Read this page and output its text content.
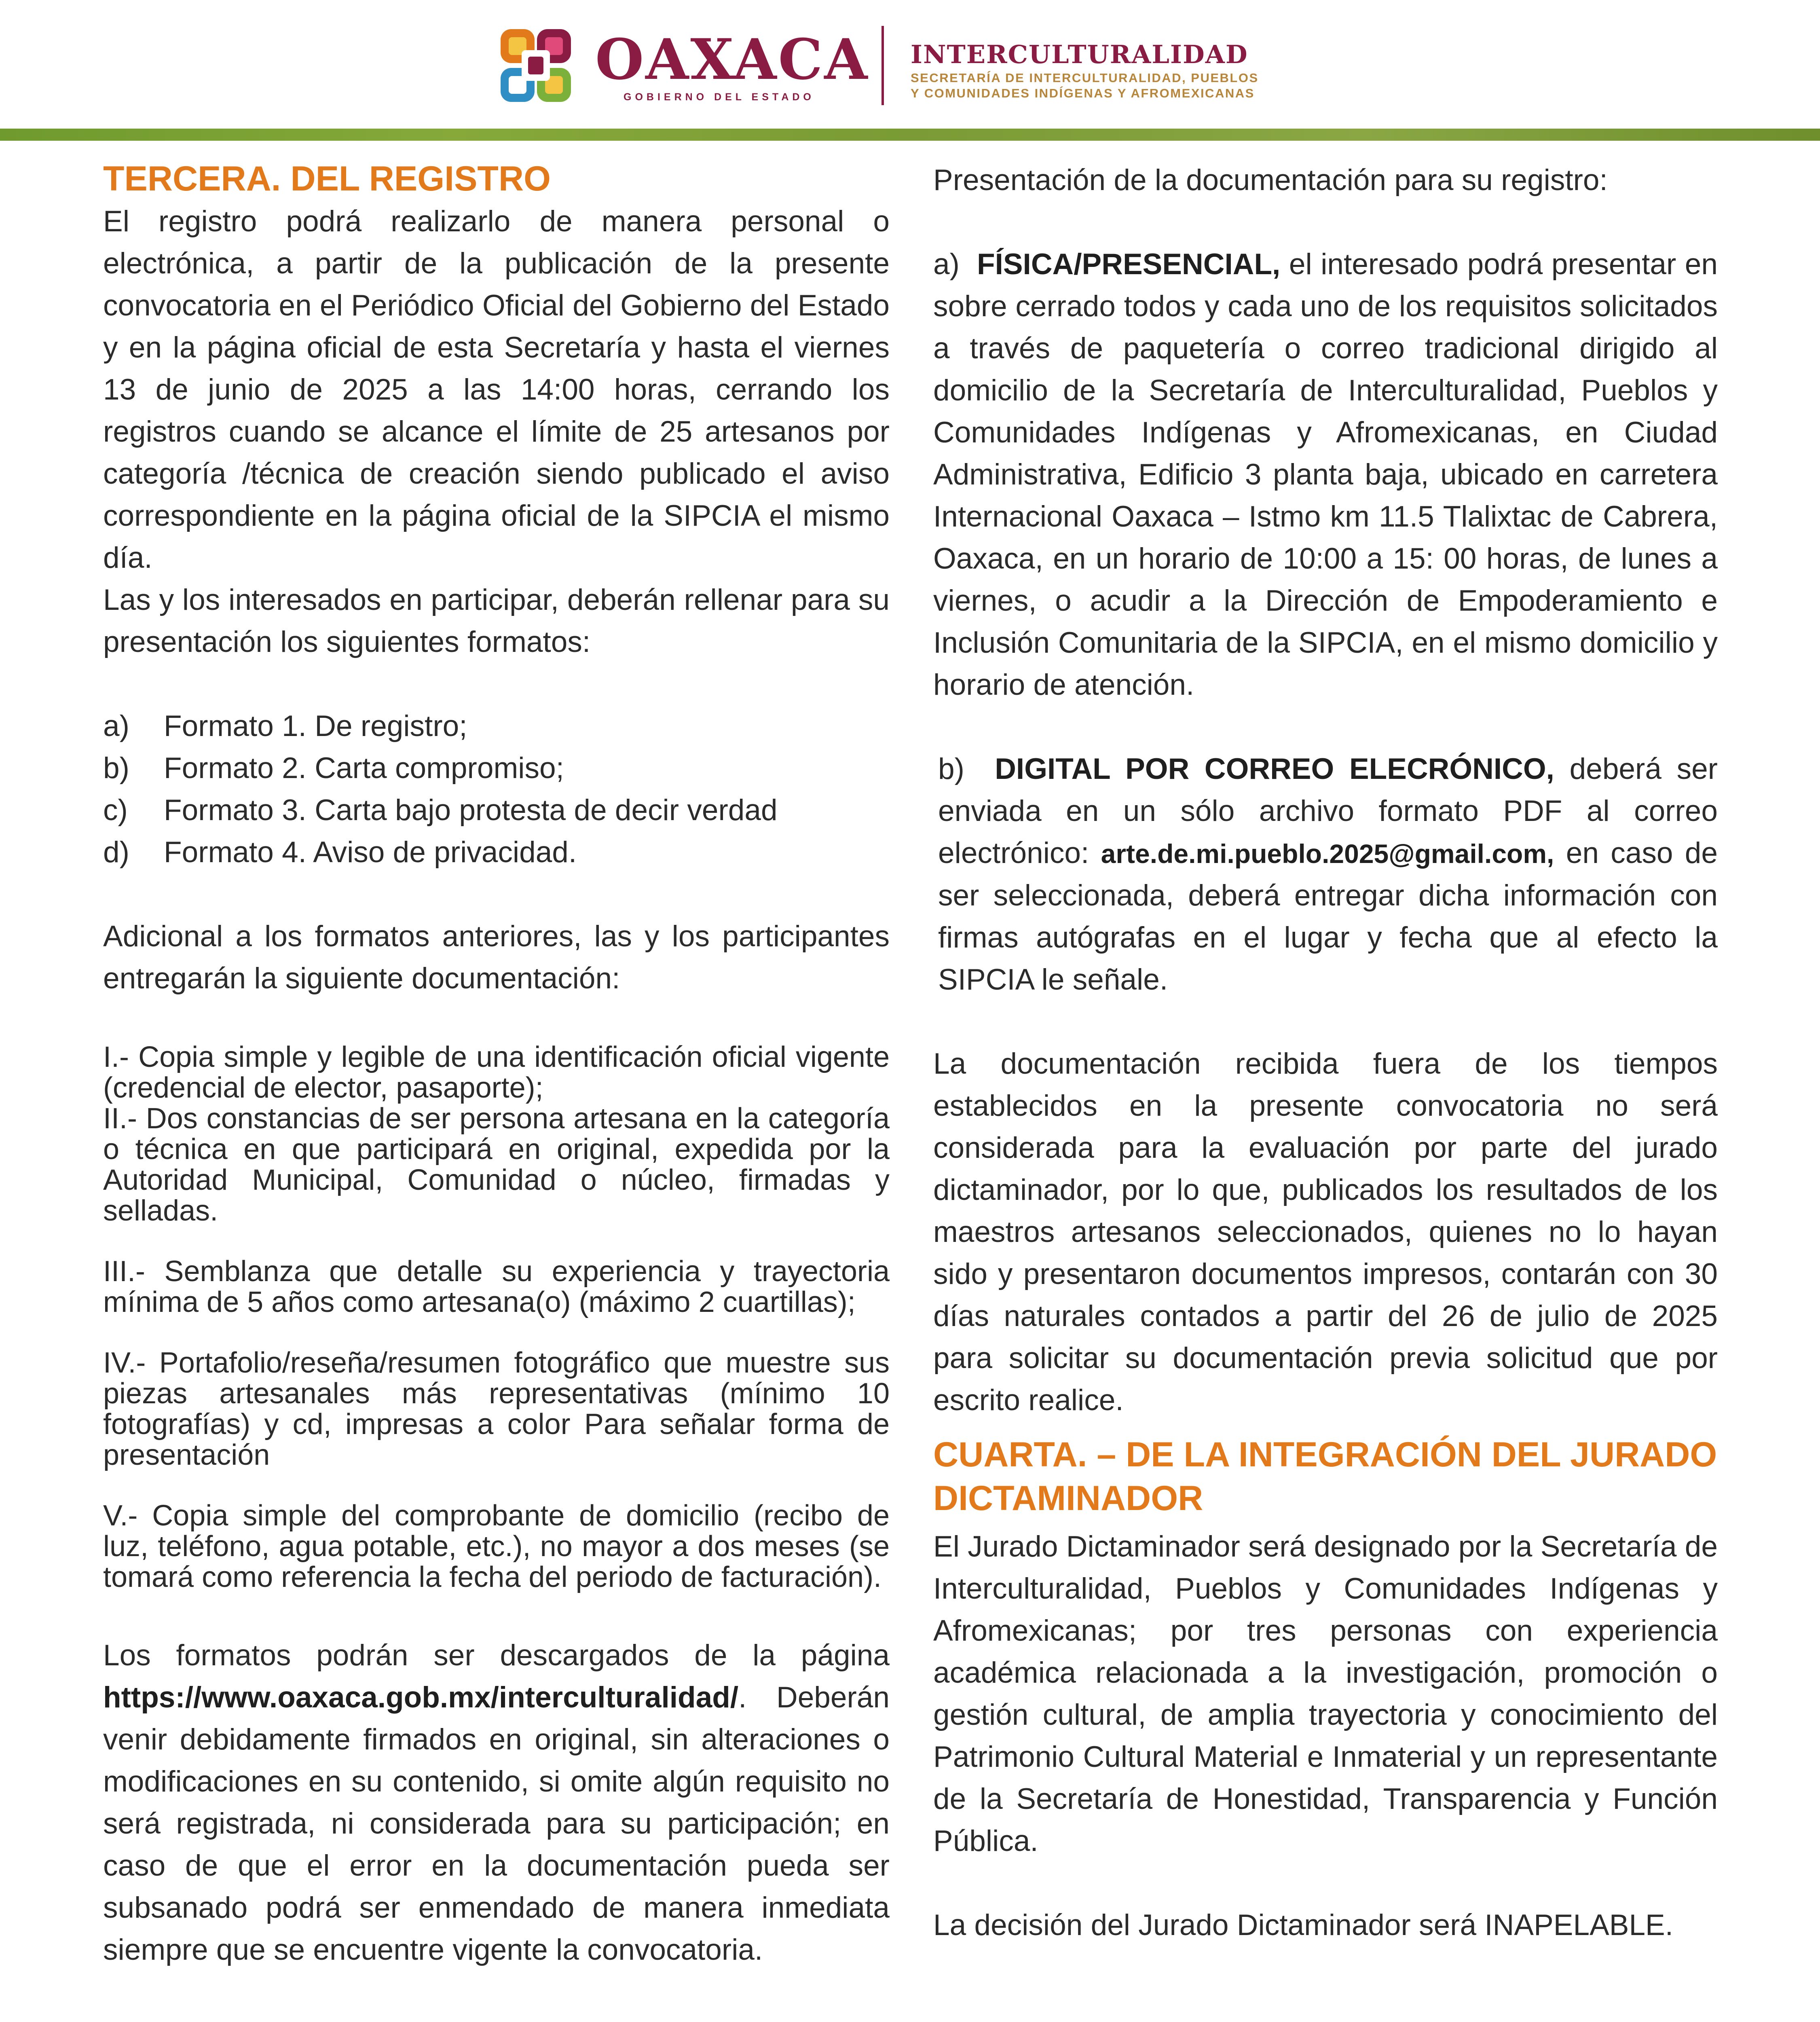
OAXACA
GOBIERNO DEL ESTADO
INTERCULTURALIDAD
SECRETARÍA DE INTERCULTURALIDAD, PUEBLOS
Y COMUNIDADES INDÍGENAS Y AFROMEXICANAS
TERCERA. DEL REGISTRO

El registro podrá realizarlo de manera personal o electrónica, a partir de la publicación de la presente convocatoria en el Periódico Oficial del Gobierno del Estado y en la página oficial de esta Secretaría y hasta el viernes 13 de junio de 2025 a las 14:00 horas, cerrando los registros cuando se alcance el límite de 25 artesanos por categoría /técnica de creación siendo publicado el aviso correspondiente en la página oficial de la SIPCIA el mismo día.

Las y los interesados en participar, deberán rellenar para su presentación los siguientes formatos:

a)	Formato 1. De registro;
b)	Formato 2. Carta compromiso;
c)	Formato 3. Carta bajo protesta de decir verdad
d)	Formato 4. Aviso de privacidad.

Adicional a los formatos anteriores, las y los participantes entregarán la siguiente documentación:

I.- Copia simple y legible de una identificación oficial vigente (credencial de elector, pasaporte);

II.- Dos constancias de ser persona artesana en la categoría o técnica en que participará en original, expedida por la Autoridad Municipal, Comunidad o núcleo, firmadas y selladas.

III.- Semblanza que detalle su experiencia y trayectoria mínima de 5 años como artesana(o) (máximo 2 cuartillas);

IV.- Portafolio/reseña/resumen fotográfico que muestre sus piezas artesanales más representativas (mínimo 10 fotografías) y cd, impresas a color Para señalar forma de presentación

V.- Copia simple del comprobante de domicilio (recibo de luz, teléfono, agua potable, etc.), no mayor a dos meses (se tomará como referencia la fecha del periodo de facturación).

Los formatos podrán ser descargados de la página https://www.oaxaca.gob.mx/interculturalidad/. Deberán venir debidamente firmados en original, sin alteraciones o modificaciones en su contenido, si omite algún requisito no será registrada, ni considerada para su participación; en caso de que el error en la documentación pueda ser subsanado podrá ser enmendado de manera inmediata siempre que se encuentre vigente la convocatoria.

Presentación de la documentación para su registro:

a) FÍSICA/PRESENCIAL, el interesado podrá presentar en sobre cerrado todos y cada uno de los requisitos solicitados a través de paquetería o correo tradicional dirigido al domicilio de la Secretaría de Interculturalidad, Pueblos y Comunidades Indígenas y Afromexicanas, en Ciudad Administrativa, Edificio 3 planta baja, ubicado en carretera Internacional Oaxaca – Istmo km 11.5 Tlalixtac de Cabrera, Oaxaca, en un horario de 10:00 a 15: 00 horas, de lunes a viernes, o acudir a la Dirección de Empoderamiento e Inclusión Comunitaria de la SIPCIA, en el mismo domicilio y horario de atención.

b) DIGITAL POR CORREO ELECRÓNICO, deberá ser enviada en un sólo archivo formato PDF al correo electrónico: arte.de.mi.pueblo.2025@gmail.com, en caso de ser seleccionada, deberá entregar dicha información con firmas autógrafas en el lugar y fecha que al efecto la SIPCIA le señale.

La documentación recibida fuera de los tiempos establecidos en la presente convocatoria no será considerada para la evaluación por parte del jurado dictaminador, por lo que, publicados los resultados de los maestros artesanos seleccionados, quienes no lo hayan sido y presentaron documentos impresos, contarán con 30 días naturales contados a partir del 26 de julio de 2025 para solicitar su documentación previa solicitud que por escrito realice.

CUARTA. – DE LA INTEGRACIÓN DEL JURADO DICTAMINADOR

El Jurado Dictaminador será designado por la Secretaría de Interculturalidad, Pueblos y Comunidades Indígenas y Afromexicanas; por tres personas con experiencia académica relacionada a la investigación, promoción o gestión cultural, de amplia trayectoria y conocimiento del Patrimonio Cultural Material e Inmaterial y un representante de la Secretaría de Honestidad, Transparencia y Función Pública.

La decisión del Jurado Dictaminador será INAPELABLE.
